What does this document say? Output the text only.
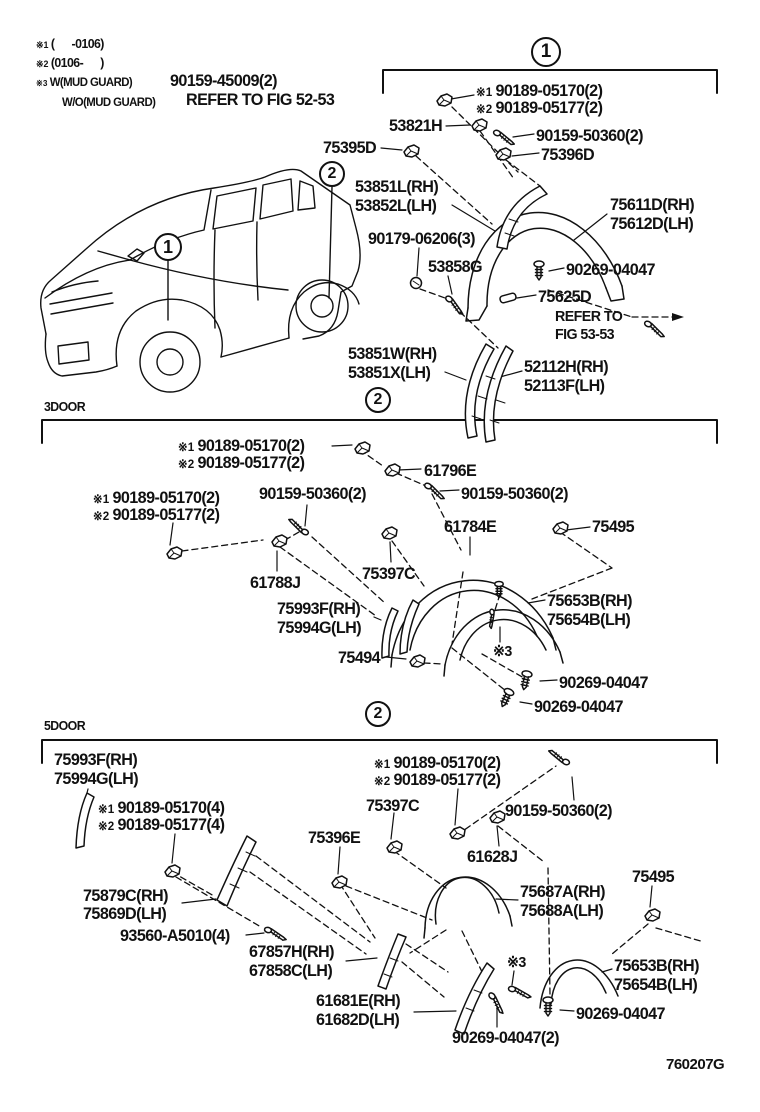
760207G
※1 (      -0106)
※2 (0106-      )
※3 W(MUD GUARD) 90159-45009(2)
W/O(MUD GUARD) REFER TO FIG 52-53	※1 90189-05170(2)
※2 90189-05177(2)
53821H
90159-50360(2)
75396D
75395D
53851L(RH)
53852L(LH)	75611D(RH)
75612D(LH)
90179-06206(3)
53858G	90269-04047
75625D
REFER TO
FIG 53-53
53851W(RH)
53851X(LH)	52112H(RH)
52113F(LH)
3DOOR
※1 90189-05170(2)
※2 90189-05177(2)	61796E
90159-50360(2)
※1 90189-05170(2)
※2 90189-05177(2)
90159-50360(2)
61784E	75495
61788J	75397C
75993F(RH)
75994G(LH)
75653B(RH)
75654B(LH)
75494	※3
90269-04047
90269-04047
5DOOR
75993F(RH)
75994G(LH)
※1 90189-05170(2)
※2 90189-05177(2)
75397C	90159-50360(2)
※1 90189-05170(4)
※2 90189-05177(4)
75396E
61628J
75687A(RH)
75688A(LH)
75495
75879C(RH)
75869D(LH)
93560-A5010(4)
67857H(RH)
67858C(LH)	※3	75653B(RH)
75654B(LH)
61681E(RH)
61682D(LH)	90269-04047
90269-04047(2)
1
2
1
2
2
